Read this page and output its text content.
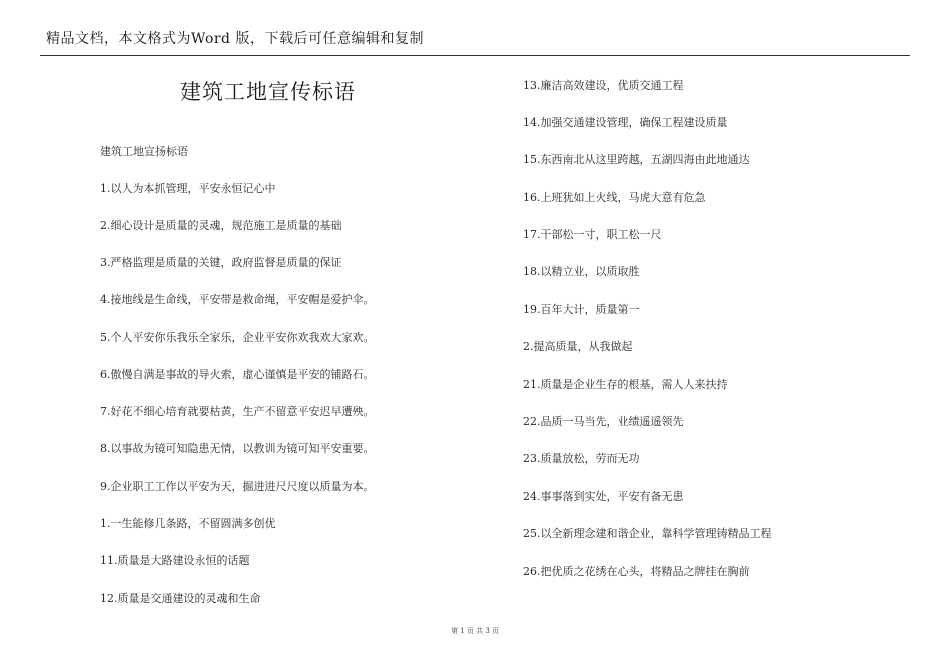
精品文档，本文格式为Word 版，下载后可任意编辑和复制
建筑工地宣传标语
建筑工地宣扬标语
1.以人为本抓管理，平安永恒记心中
2.细心设计是质量的灵魂，规范施工是质量的基础
3.严格监理是质量的关键，政府监督是质量的保证
4.接地线是生命线，平安带是救命绳，平安帽是爱护伞。
5.个人平安你乐我乐全家乐，企业平安你欢我欢大家欢。
6.傲慢自满是事故的导火索，虚心谨慎是平安的铺路石。
7.好花不细心培育就要枯黄，生产不留意平安迟早遭殃。
8.以事故为镜可知隐患无情，以教训为镜可知平安重要。
9.企业职工工作以平安为天，掘进进尺尺度以质量为本。
1.一生能修几条路，不留圆满多创优
11.质量是大路建设永恒的话题
12.质量是交通建设的灵魂和生命
13.廉洁高效建设，优质交通工程
14.加强交通建设管理，确保工程建设质量
15.东西南北从这里跨越，五湖四海由此地通达
16.上班犹如上火线，马虎大意有危急
17.干部松一寸，职工松一尺
18.以精立业，以质取胜
19.百年大计，质量第一
2.提高质量，从我做起
21.质量是企业生存的根基，需人人来扶持
22.品质一马当先，业绩遥遥领先
23.质量放松，劳而无功
24.事事落到实处，平安有备无患
25.以全新理念建和谐企业，靠科学管理铸精品工程
26.把优质之花绣在心头，将精品之牌挂在胸前
第 1 页 共 3 页
